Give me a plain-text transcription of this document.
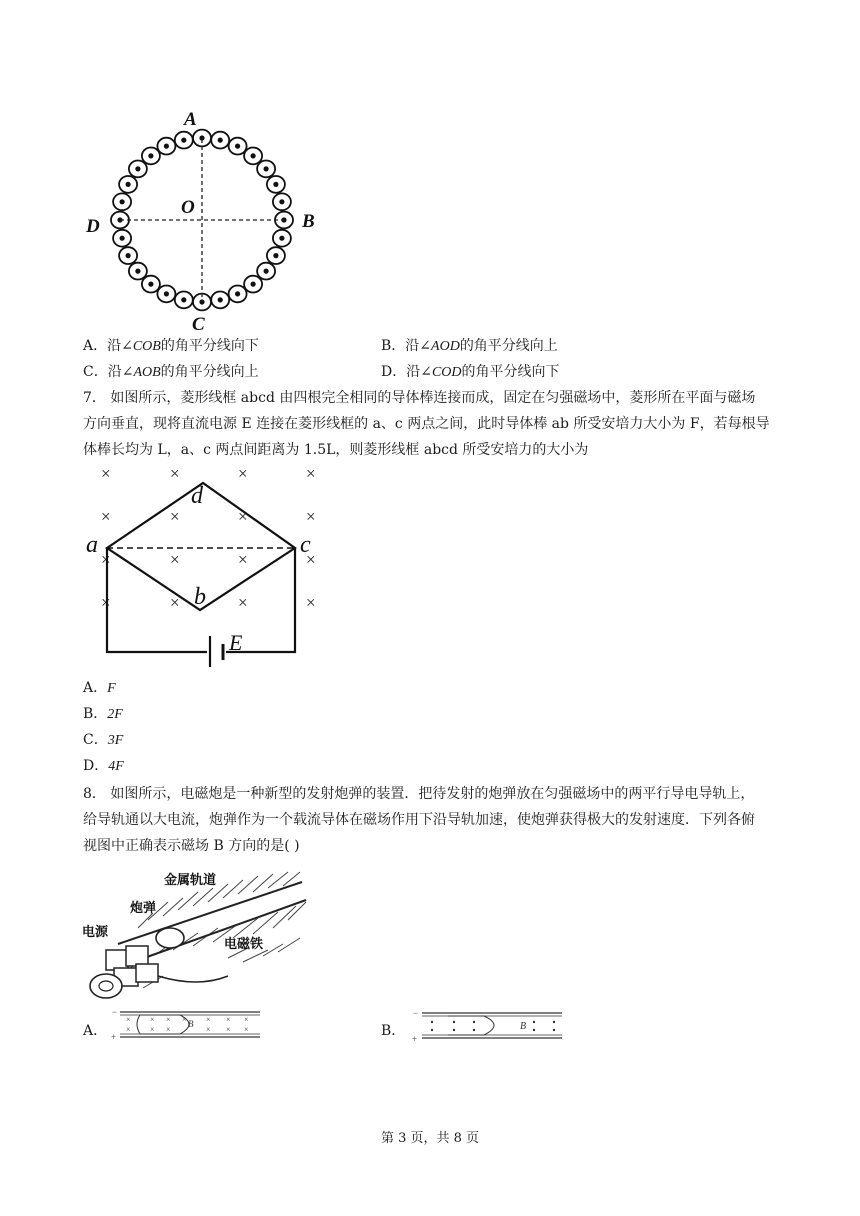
A
B
C
D
O
A．沿∠COB的角平分线向下	B．沿∠AOD的角平分线向上
C．沿∠AOB的角平分线向上	D．沿∠COD的角平分线向下
7． 如图所示，菱形线框 abcd 由四根完全相同的导体棒连接而成，固定在匀强磁场中，菱形所在平面与磁场
方向垂直，现将直流电源 E 连接在菱形线框的 a、c 两点之间，此时导体棒 ab 所受安培力大小为 F，若每根导
体棒长均为 L，a、c 两点间距离为 1.5L，则菱形线框 abcd 所受安培力的大小为
×	×	×	×
×	×	×	×
×	×	×	×
×	×	×	×
a
b
c
d
E
A．F
B．2F
C．3F
D．4F
8． 如图所示，电磁炮是一种新型的发射炮弹的装置．把待发射的炮弹放在匀强磁场中的两平行导电导轨上，
给导轨通以大电流，炮弹作为一个载流导体在磁场作用下沿导轨加速，使炮弹获得极大的发射速度．下列各俯
视图中正确表示磁场 B 方向的是( )
金属轨道
炮弹
电源
电磁铁
A．
−
+
×
×
×
×
×
×
× ×
×
×
×
×
×
B	B．
−
+
B
第 3 页，共 8 页
